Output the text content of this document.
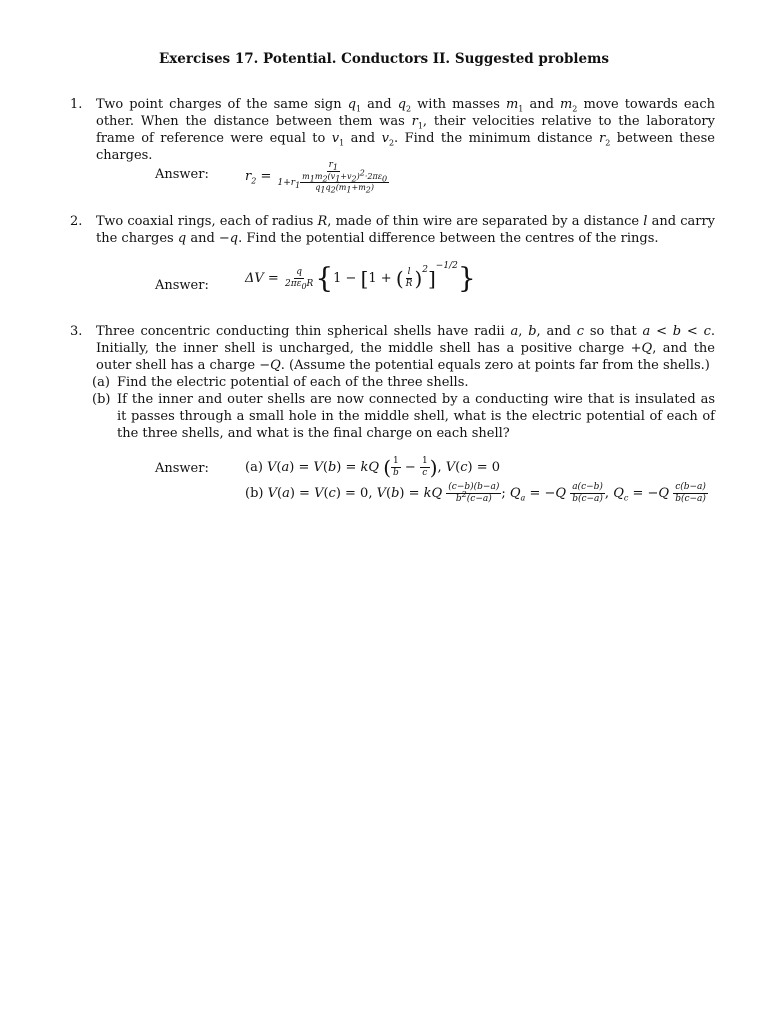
Exercises 17. Potential. Conductors II. Suggested problems
1.	Two point charges of the same sign $q_1$ and $q_2$ with masses $m_1$ and $m_2$ move towards each other. When the distance between them was $r_1$, their velocities relative to the laboratory frame of reference were equal to $v_1$ and $v_2$. Find the minimum distance $r_2$ between these charges.
Answer:	$r_2 = \frac{r_1}{1+r_1 \frac{m_1m_2(v_1+v_2)^2\cdot 2\pi\varepsilon_0}{q_1q_2(m_1+m_2)}}$
2.	Two coaxial rings, each of radius R, made of thin wire are separated by a distance l and carry the charges q and −q. Find the potential difference between the centres of the rings.
Answer:	$\Delta V = \frac{q}{2\pi\varepsilon_0R} \{1 - [1$ + ( $\frac{l}{R} )^2]^{-1/2}$}
3.	Three concentric conducting thin spherical shells have radii a, b, and c so that a < b < c. Initially, the inner shell is uncharged, the middle shell has a positive charge +Q, and the outer shell has a charge −Q. (Assume the potential equals zero at points far from the shells.)
(a) Find the electric potential of each of the three shells.
(b) If the inner and outer shells are now connected by a conducting wire that is insulated as it passes through a small hole in the middle shell, what is the electric potential of each of the three shells, and what is the final charge on each shell?
Answer:	(a) V(a) = V(b) = kQ ( $\frac{1}{b} - \frac{1}{c}$ ), V(c) = 0
(b) V(a) = V(c) = 0, V(b) = kQ $\frac{(c-b)(b-a)}{b^2(c-a)}$ ; $Q_a = -Q \frac{a(c-b)}{b(c-a)}$ , $Q_c = -Q \frac{c(b-a)}{b(c-a)}$
